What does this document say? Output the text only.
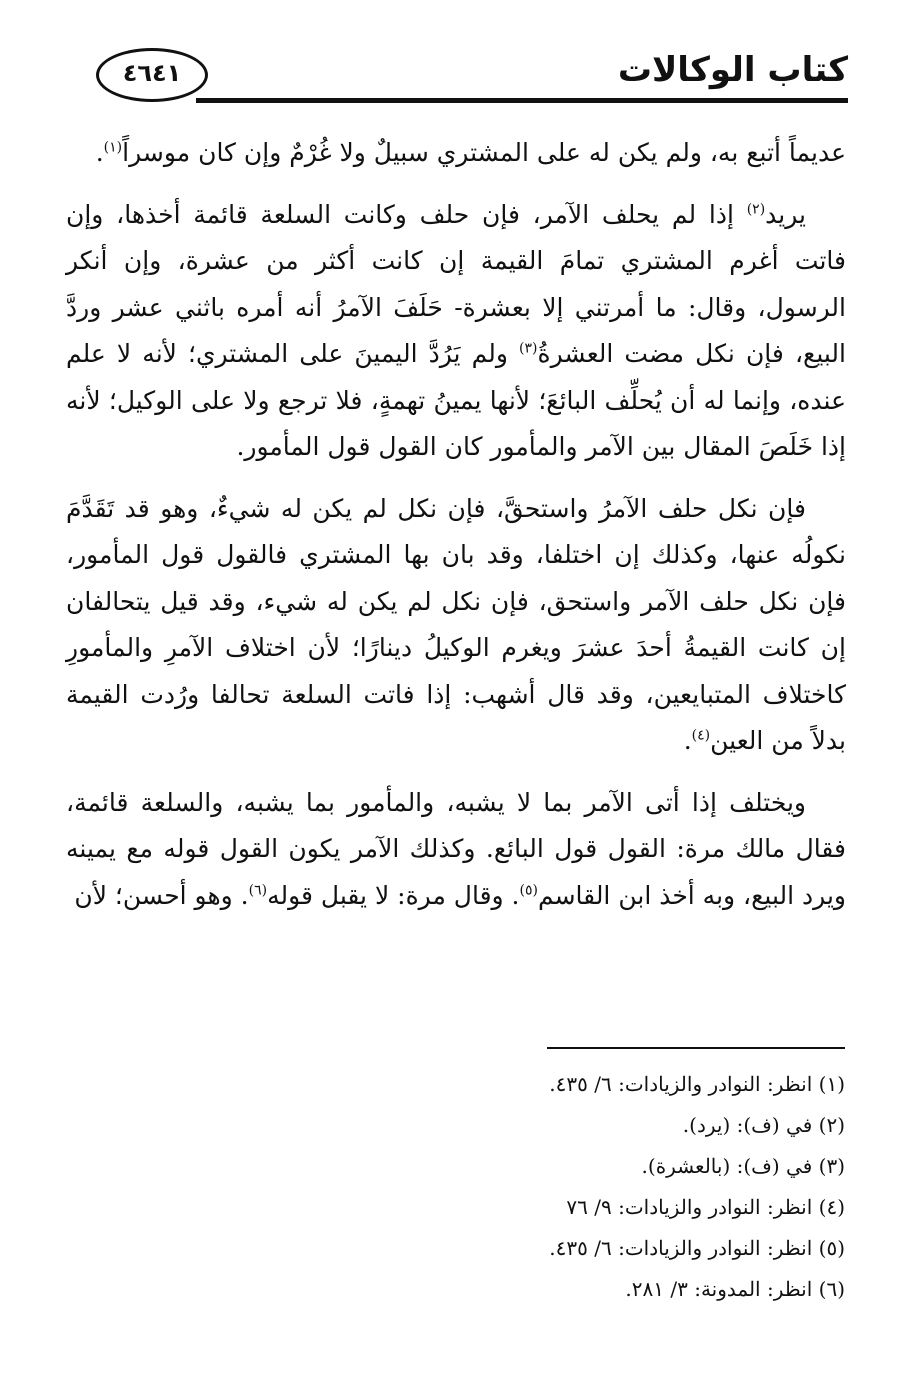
كتاب الوكالات
٤٦٤١

عديماً أتبع به، ولم يكن له على المشتري سبيلٌ ولا غُرْمٌ وإن كان موسراً$^{(١)}$.

يريد$^{(٢)}$ إذا لم يحلف الآمر، فإن حلف وكانت السلعة قائمة أخذها، وإن فاتت أغرم المشتري تمامَ القيمة إن كانت أكثر من عشرة، وإن أنكر الرسول، وقال: ما أمرتني إلا بعشرة- حَلَفَ الآمرُ أنه أمره باثني عشر وردَّ البيع، فإن نكل مضت العشرةُ$^{(٣)}$ ولم يَرُدَّ اليمينَ على المشتري؛ لأنه لا علم عنده، وإنما له أن يُحلِّف البائعَ؛ لأنها يمينُ تهمةٍ، فلا ترجع ولا على الوكيل؛ لأنه إذا خَلَصَ المقال بين الآمر والمأمور كان القول قول المأمور.

فإن نكل حلف الآمرُ واستحقَّ، فإن نكل لم يكن له شيءٌ، وهو قد تَقَدَّمَ نكولُه عنها، وكذلك إن اختلفا، وقد بان بها المشتري فالقول قول المأمور، فإن نكل حلف الآمر واستحق، فإن نكل لم يكن له شيء، وقد قيل يتحالفان إن كانت القيمةُ أحدَ عشرَ ويغرم الوكيلُ دينارًا؛ لأن اختلاف الآمرِ والمأمورِ كاختلاف المتبايعين، وقد قال أشهب: إذا فاتت السلعة تحالفا ورُدت القيمة بدلاً من العين$^{(٤)}$.

ويختلف إذا أتى الآمر بما لا يشبه، والمأمور بما يشبه، والسلعة قائمة، فقال مالك مرة: القول قول البائع. وكذلك الآمر يكون القول قوله مع يمينه ويرد البيع، وبه أخذ ابن القاسم$^{(٥)}$. وقال مرة: لا يقبل قوله$^{(٦)}$. وهو أحسن؛ لأن

(١) انظر: النوادر والزيادات: ٦/ ٤٣٥.
(٢) في (ف): (يرد).
(٣) في (ف): (بالعشرة).
(٤) انظر: النوادر والزيادات: ٩/ ٧٦
(٥) انظر: النوادر والزيادات: ٦/ ٤٣٥.
(٦) انظر: المدونة: ٣/ ٢٨١.
